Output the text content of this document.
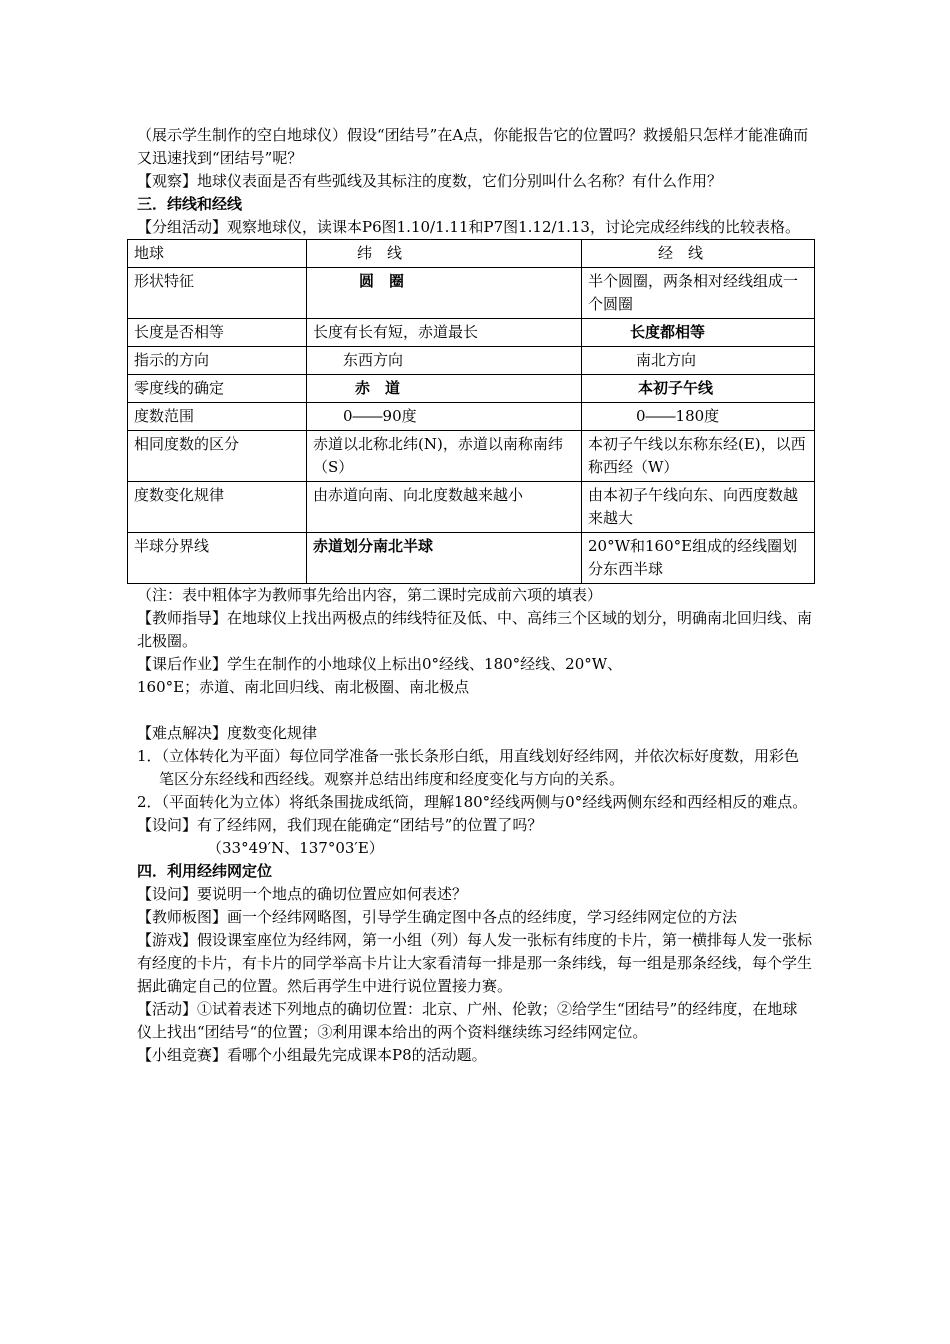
（展示学生制作的空白地球仪）假设“团结号”在A点，你能报告它的位置吗？救援船只怎样才能准确而又迅速找到“团结号”呢？

【观察】地球仪表面是否有些弧线及其标注的度数，它们分别叫什么名称？有什么作用？

三．纬线和经线

【分组活动】观察地球仪，读课本P6图1.10/1.11和P7图1.12/1.13，讨论完成经纬线的比较表格。

地球	纬　线	经　线
形状特征	圆　圈	半个圆圈，两条相对经线组成一个圆圈
长度是否相等	长度有长有短，赤道最长	长度都相等
指示的方向	东西方向	南北方向
零度线的确定	赤　道	本初子午线
度数范围	0――90度	0――180度
相同度数的区分	赤道以北称北纬(N)，赤道以南称南纬（S）	本初子午线以东称东经(E)，以西称西经（W）
度数变化规律	由赤道向南、向北度数越来越小	由本初子午线向东、向西度数越来越大
半球分界线	赤道划分南北半球	20°W和160°E组成的经线圈划分东西半球

（注：表中粗体字为教师事先给出内容，第二课时完成前六项的填表）

【教师指导】在地球仪上找出两极点的纬线特征及低、中、高纬三个区域的划分，明确南北回归线、南北极圈。

【课后作业】学生在制作的小地球仪上标出0°经线、180°经线、20°W、

160°E；赤道、南北回归线、南北极圈、南北极点

【难点解决】度数变化规律

1．（立体转化为平面）每位同学准备一张长条形白纸，用直线划好经纬网，并依次标好度数，用彩色笔区分东经线和西经线。观察并总结出纬度和经度变化与方向的关系。

2．（平面转化为立体）将纸条围拢成纸筒，理解180°经线两侧与0°经线两侧东经和西经相反的难点。

【设问】有了经纬网，我们现在能确定“团结号”的位置了吗？

（33°49′N、137°03′E）

四．利用经纬网定位

【设问】要说明一个地点的确切位置应如何表述？

【教师板图】画一个经纬网略图，引导学生确定图中各点的经纬度，学习经纬网定位的方法

【游戏】假设课室座位为经纬网，第一小组（列）每人发一张标有纬度的卡片，第一横排每人发一张标有经度的卡片，有卡片的同学举高卡片让大家看清每一排是那一条纬线，每一组是那条经线，每个学生据此确定自己的位置。然后再学生中进行说位置接力赛。

【活动】①试着表述下列地点的确切位置：北京、广州、伦敦；②给学生“团结号”的经纬度，在地球仪上找出“团结号“的位置；③利用课本给出的两个资料继续练习经纬网定位。

【小组竞赛】看哪个小组最先完成课本P8的活动题。
